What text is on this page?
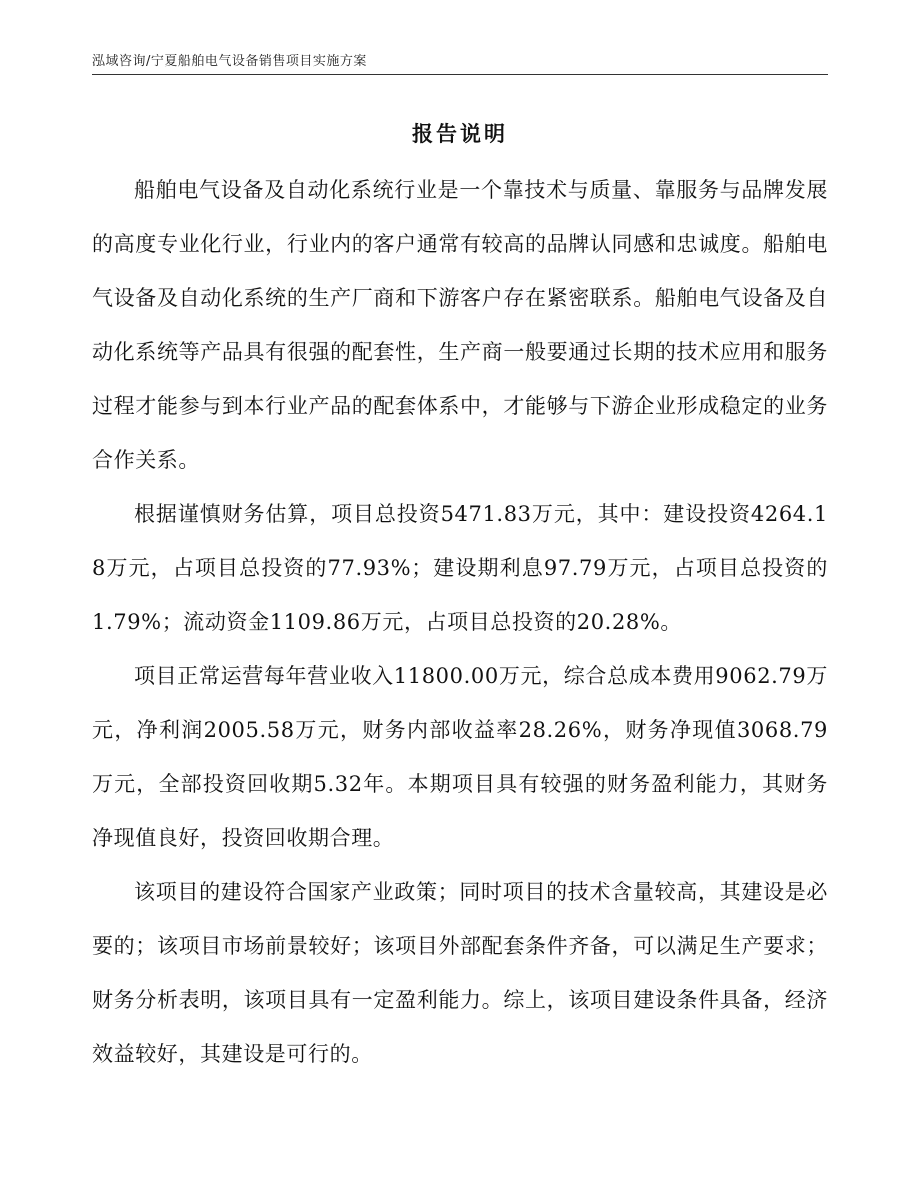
泓域咨询/宁夏船舶电气设备销售项目实施方案
报告说明

船舶电气设备及自动化系统行业是一个靠技术与质量、靠服务与品牌发展的高度专业化行业，行业内的客户通常有较高的品牌认同感和忠诚度。船舶电气设备及自动化系统的生产厂商和下游客户存在紧密联系。船舶电气设备及自动化系统等产品具有很强的配套性，生产商一般要通过长期的技术应用和服务过程才能参与到本行业产品的配套体系中，才能够与下游企业形成稳定的业务合作关系。

根据谨慎财务估算，项目总投资5471.83万元，其中：建设投资4264.18万元，占项目总投资的77.93%；建设期利息97.79万元，占项目总投资的1.79%；流动资金1109.86万元，占项目总投资的20.28%。

项目正常运营每年营业收入11800.00万元，综合总成本费用9062.79万元，净利润2005.58万元，财务内部收益率28.26%，财务净现值3068.79万元，全部投资回收期5.32年。本期项目具有较强的财务盈利能力，其财务净现值良好，投资回收期合理。

该项目的建设符合国家产业政策；同时项目的技术含量较高，其建设是必要的；该项目市场前景较好；该项目外部配套条件齐备，可以满足生产要求；财务分析表明，该项目具有一定盈利能力。综上，该项目建设条件具备，经济效益较好，其建设是可行的。
